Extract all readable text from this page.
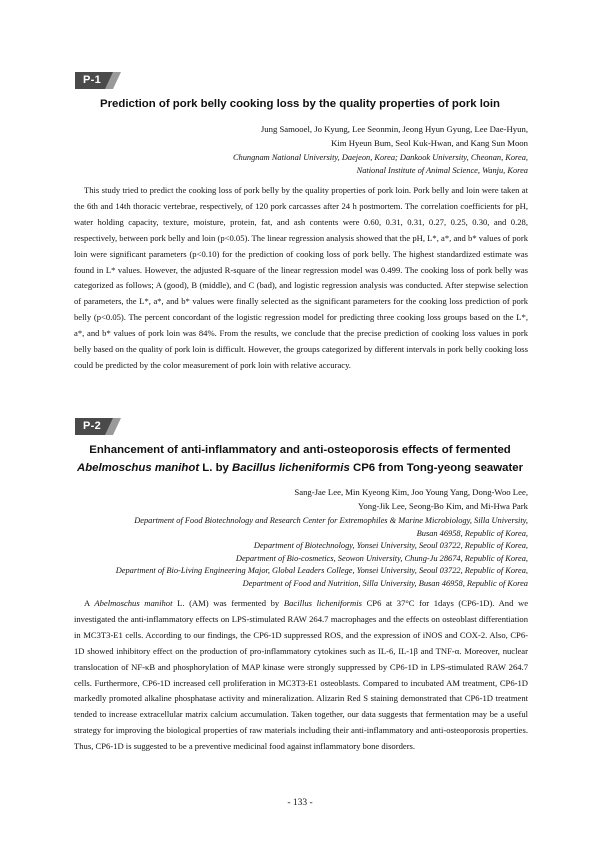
P-1
Prediction of pork belly cooking loss by the quality properties of pork loin
Jung Samooel, Jo Kyung, Lee Seonmin, Jeong Hyun Gyung, Lee Dae-Hyun,
Kim Hyeun Bum, Seol Kuk-Hwan, and Kang Sun Moon
Chungnam National University, Daejeon, Korea; Dankook University, Cheonan, Korea,
National Institute of Animal Science, Wanju, Korea

This study tried to predict the cooking loss of pork belly by the quality properties of pork loin. Pork belly and loin were taken at the 6th and 14th thoracic vertebrae, respectively, of 120 pork carcasses after 24 h postmortem. The correlation coefficients for pH, water holding capacity, texture, moisture, protein, fat, and ash contents were 0.60, 0.31, 0.31, 0.27, 0.25, 0.30, and 0.28, respectively, between pork belly and loin (p<0.05). The linear regression analysis showed that the pH, L*, a*, and b* values of pork loin were significant parameters (p<0.10) for the prediction of cooking loss of pork belly. The highest standardized estimate was found in L* values. However, the adjusted R-square of the linear regression model was 0.499. The cooking loss of pork belly was categorized as follows; A (good), B (middle), and C (bad), and logistic regression analysis was conducted. After stepwise selection of parameters, the L*, a*, and b* values were finally selected as the significant parameters for the cooking loss prediction of pork belly (p<0.05). The percent concordant of the logistic regression model for predicting three cooking loss groups based on the L*, a*, and b* values of pork loin was 84%. From the results, we conclude that the precise prediction of cooking loss values in pork belly based on the quality of pork loin is difficult. However, the groups categorized by different intervals in pork belly cooking loss could be predicted by the color measurement of pork loin with relative accuracy.

P-2
Enhancement of anti-inflammatory and anti-osteoporosis effects of fermented
Abelmoschus manihot L. by Bacillus licheniformis CP6 from Tong-yeong seawater
Sang-Jae Lee, Min Kyeong Kim, Joo Young Yang, Dong-Woo Lee,
Yong-Jik Lee, Seong-Bo Kim, and Mi-Hwa Park
Department of Food Biotechnology and Research Center for Extremophiles & Marine Microbiology, Silla University,
Busan 46958, Republic of Korea,
Department of Biotechnology, Yonsei University, Seoul 03722, Republic of Korea,
Department of Bio-cosmetics, Seowon University, Chung-Ju 28674, Republic of Korea,
Department of Bio-Living Engineering Major, Global Leaders College, Yonsei University, Seoul 03722, Republic of Korea,
Department of Food and Nutrition, Silla University, Busan 46958, Republic of Korea

A Abelmoschus manihot L. (AM) was fermented by Bacillus licheniformis CP6 at 37°C for 1days (CP6-1D). And we investigated the anti-inflammatory effects on LPS-stimulated RAW 264.7 macrophages and the effects on osteoblast differentiation in MC3T3-E1 cells. According to our findings, the CP6-1D suppressed ROS, and the expression of iNOS and COX-2. Also, CP6-1D showed inhibitory effect on the production of pro-inflammatory cytokines such as IL-6, IL-1β and TNF-α. Moreover, nuclear translocation of NF-κB and phosphorylation of MAP kinase were strongly suppressed by CP6-1D in LPS-stimulated RAW 264.7 cells. Furthermore, CP6-1D increased cell proliferation in MC3T3-E1 osteoblasts. Compared to incubated AM treatment, CP6-1D markedly promoted alkaline phosphatase activity and mineralization. Alizarin Red S staining demonstrated that CP6-1D treatment tended to increase extracellular matrix calcium accumulation. Taken together, our data suggests that fermentation may be a useful strategy for improving the biological properties of raw materials including their anti-inflammatory and anti-osteoporosis properties. Thus, CP6-1D is suggested to be a preventive medicinal food against inflammatory bone disorders.

- 133 -
